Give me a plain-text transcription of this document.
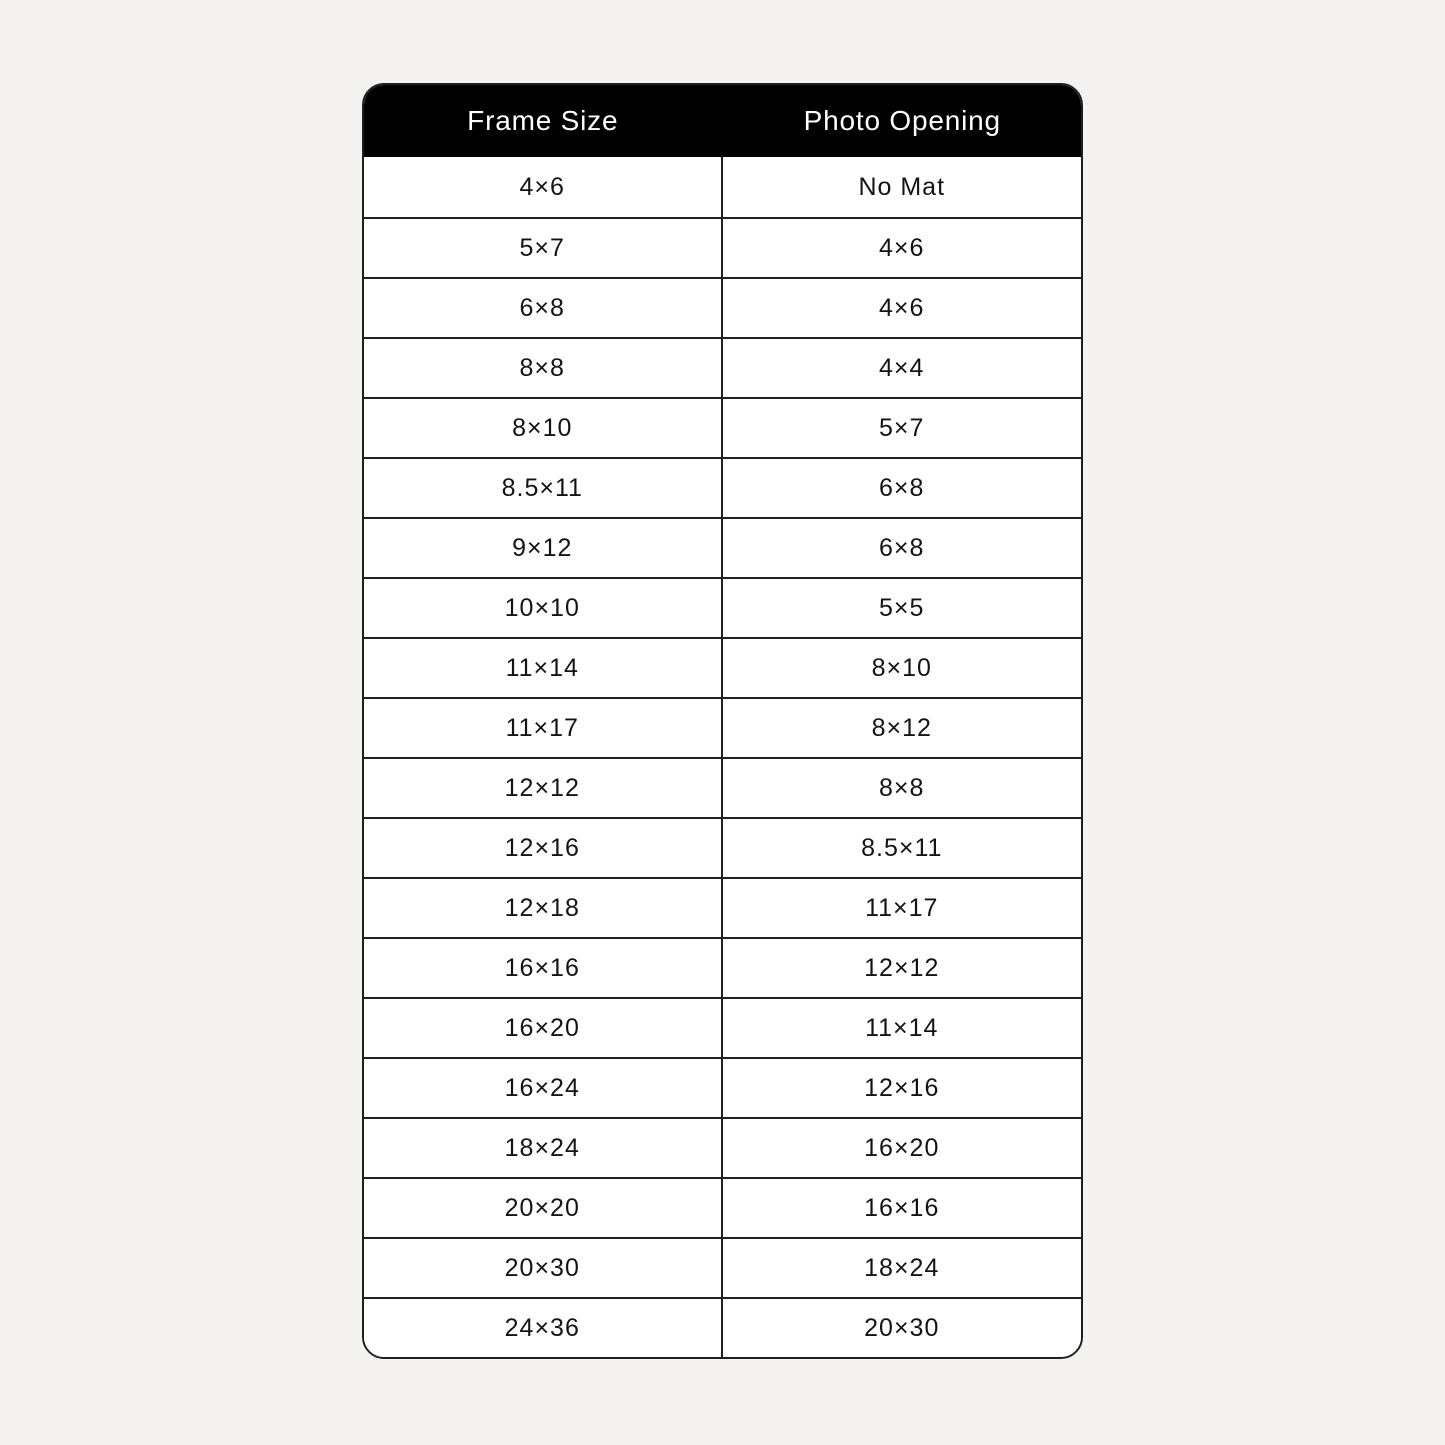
Frame Size	Photo Opening
4×6	No Mat
5×7	4×6
6×8	4×6
8×8	4×4
8×10	5×7
8.5×11	6×8
9×12	6×8
10×10	5×5
11×14	8×10
11×17	8×12
12×12	8×8
12×16	8.5×11
12×18	11×17
16×16	12×12
16×20	11×14
16×24	12×16
18×24	16×20
20×20	16×16
20×30	18×24
24×36	20×30
